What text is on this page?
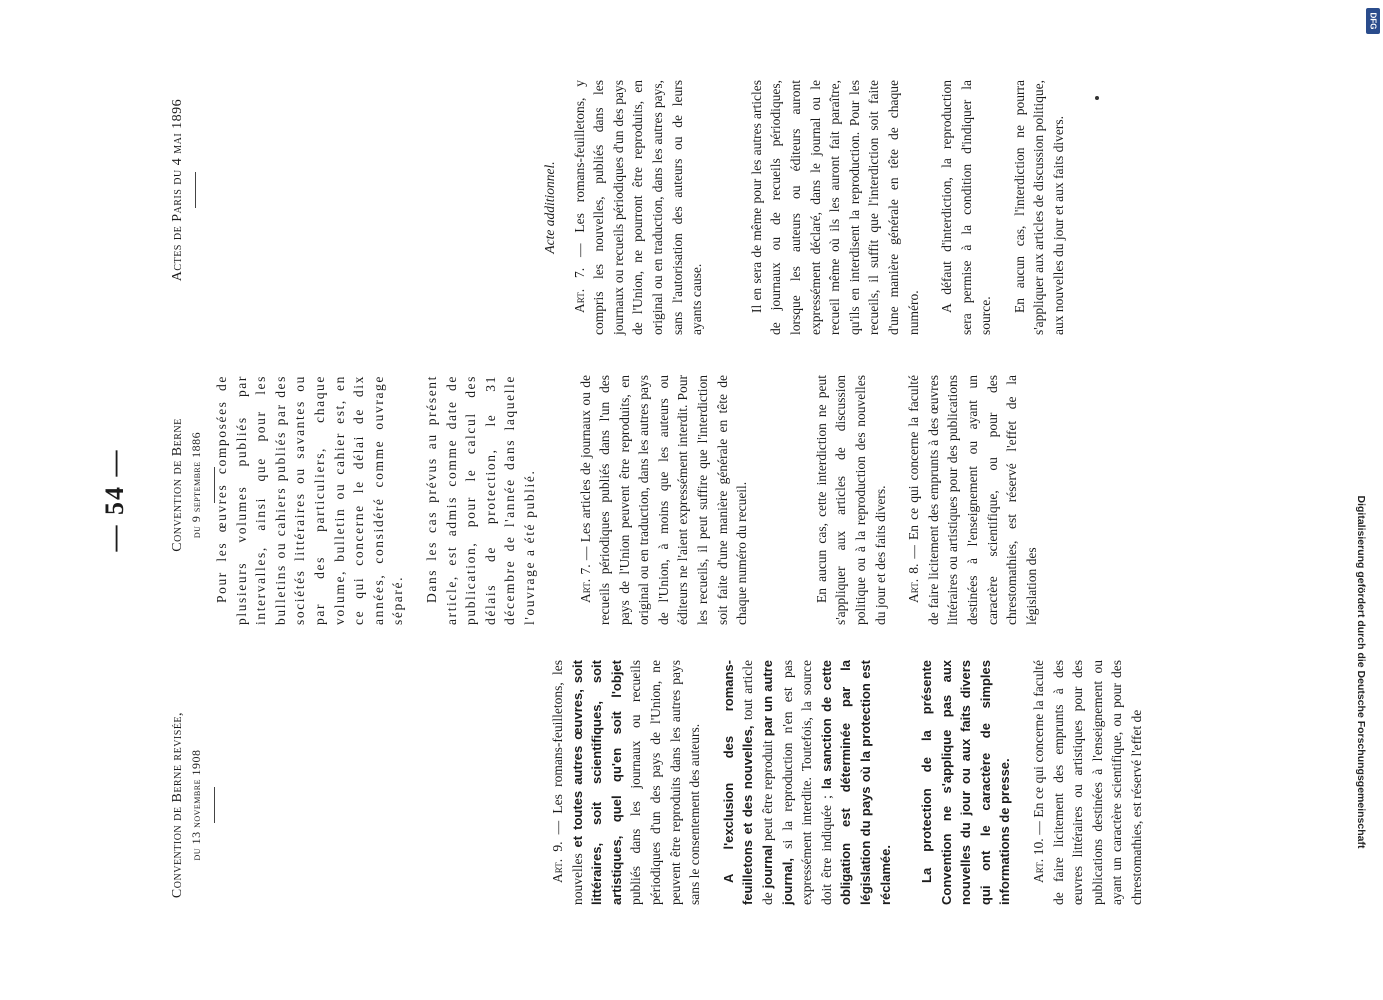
— 54 —
Convention de Berne revisée, du 13 novembre 1908
Convention de Berne du 9 septembre 1886
Actes de Paris du 4 mai 1896

Art. 9. — Les romans-feuilletons, les nouvelles et toutes autres œuvres, soit littéraires, soit scientifiques, soit artistiques, quel qu'en soit l'objet publiés dans les journaux ou recueils périodiques d'un des pays de l'Union, ne peuvent être reproduits dans les autres pays sans le consentement des auteurs. A l'exclusion des romans-feuilletons et des nouvelles, tout article de journal peut être reproduit par un autre journal, si la reproduction n'en est pas expressément interdite. Toutefois, la source doit être indiquée ; la sanction de cette obligation est déterminée par la législation du pays où la protection est réclamée. La protection de la présente Convention ne s'applique pas aux nouvelles du jour ou aux faits divers qui ont le caractère de simples informations de presse. Art. 10. — En ce qui concerne la faculté de faire licitement des emprunts à des œuvres littéraires ou artistiques pour des publications destinées à l'enseignement ou ayant un caractère scientifique, ou pour des chrestomathies, est réservé l'effet de

Pour les œuvres composées de plusieurs volumes publiés par intervalles, ainsi que pour les bulletins ou cahiers publiés par des sociétés littéraires ou savantes ou par des particuliers, chaque volume, bulletin ou cahier est, en ce qui concerne le délai de dix années, considéré comme ouvrage séparé. Dans les cas prévus au présent article, est admis comme date de publication, pour le calcul des délais de protection, le 31 décembre de l'année dans laquelle l'ouvrage a été publié.	Art. 7. — Les articles de journaux ou de recueils périodiques publiés dans l'un des pays de l'Union peuvent être reproduits, en original ou en traduction, dans les autres pays de l'Union, à moins que les auteurs ou éditeurs ne l'aient expressément interdit. Pour les recueils, il peut suffire que l'interdiction soit faite d'une manière générale en tête de chaque numéro du recueil.	En aucun cas, cette interdiction ne peut s'appliquer aux articles de discussion politique ou à la reproduction des nouvelles du jour et des faits divers. Art. 8. — En ce qui concerne la faculté de faire licitement des emprunts à des œuvres littéraires ou artistiques pour des publications destinées à l'enseignement ou ayant un caractère scientifique, ou pour des chrestomathies, est réservé l'effet de la législation des

Acte additionnel.

Art. 7. — Les romans-feuilletons, y compris les nouvelles, publiés dans les journaux ou recueils périodiques d'un des pays de l'Union, ne pourront être reproduits, en original ou en traduction, dans les autres pays, sans l'autorisation des auteurs ou de leurs ayants cause.	Il en sera de même pour les autres articles de journaux ou de recueils périodiques, lorsque les auteurs ou éditeurs auront expressément déclaré, dans le journal ou le recueil même où ils les auront fait paraître, qu'ils en interdisent la reproduction. Pour les recueils, il suffit que l'interdiction soit faite d'une manière générale en tête de chaque numéro. A défaut d'interdiction, la reproduction sera permise à la condition d'indiquer la source.

En aucun cas, l'interdiction ne pourra s'appliquer aux articles de discussion politique, aux nouvelles du jour et aux faits divers.

Digitalisierung gefördert durch die Deutsche Forschungsgemeinschaft
DFG
